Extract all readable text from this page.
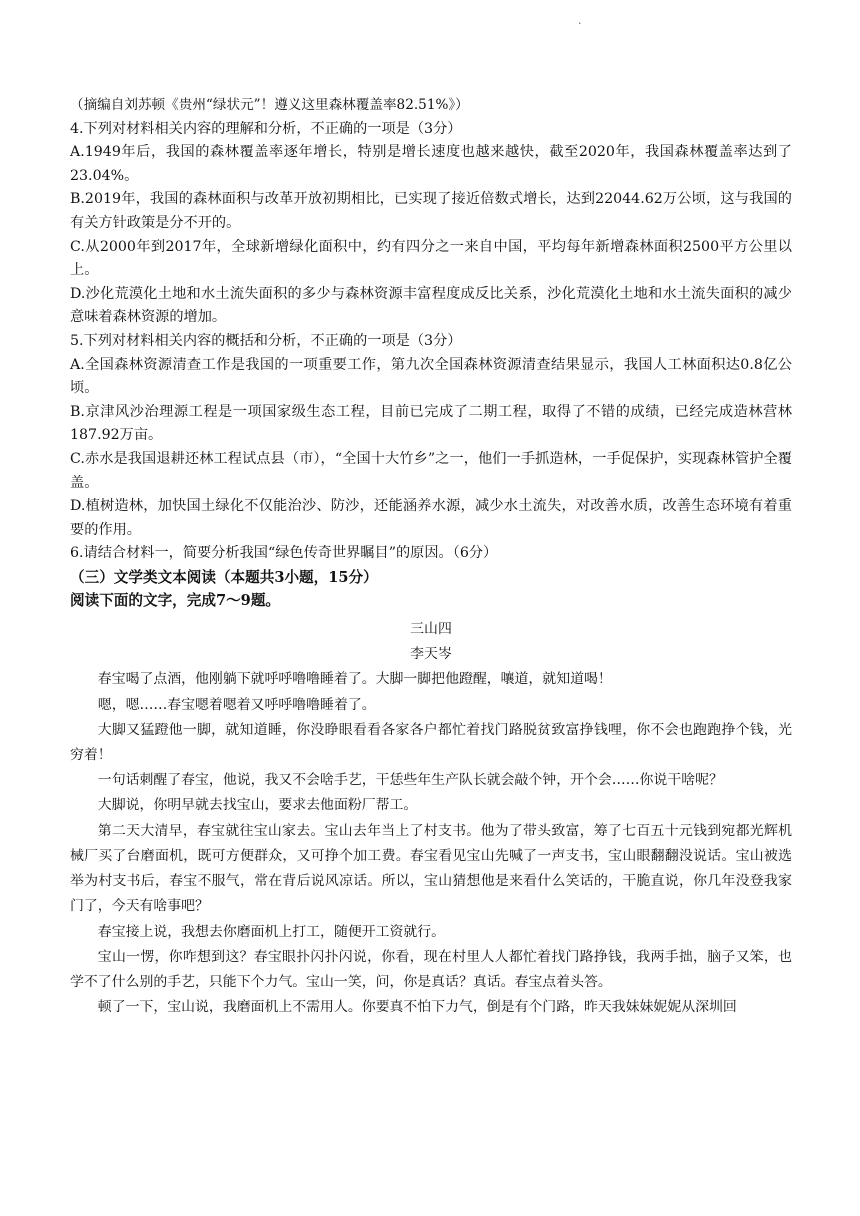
.

（摘编自刘苏顿《贵州“绿状元”！遵义这里森林覆盖率82.51%》）

4.下列对材料相关内容的理解和分析，不正确的一项是（3分）

A.1949年后，我国的森林覆盖率逐年增长，特别是增长速度也越来越快，截至2020年，我国森林覆盖率达到了23.04%。

B.2019年，我国的森林面积与改革开放初期相比，已实现了接近倍数式增长，达到22044.62万公顷，这与我国的有关方针政策是分不开的。

C.从2000年到2017年，全球新增绿化面积中，约有四分之一来自中国，平均每年新增森林面积2500平方公里以上。

D.沙化荒漠化土地和水土流失面积的多少与森林资源丰富程度成反比关系，沙化荒漠化土地和水土流失面积的减少意味着森林资源的增加。

5.下列对材料相关内容的概括和分析，不正确的一项是（3分）

A.全国森林资源清查工作是我国的一项重要工作，第九次全国森林资源清查结果显示，我国人工林面积达0.8亿公顷。

B.京津风沙治理源工程是一项国家级生态工程，目前已完成了二期工程，取得了不错的成绩，已经完成造林营林187.92万亩。

C.赤水是我国退耕还林工程试点县（市），“全国十大竹乡”之一，他们一手抓造林，一手促保护，实现森林管护全覆盖。

D.植树造林，加快国土绿化不仅能治沙、防沙，还能涵养水源，减少水土流失，对改善水质，改善生态环境有着重要的作用。

6.请结合材料一，简要分析我国“绿色传奇世界瞩目”的原因。（6分）

（三）文学类文本阅读（本题共3小题，15分）

阅读下面的文字，完成7～9题。

三山四

李天岑

春宝喝了点酒，他刚躺下就呼呼噜噜睡着了。大脚一脚把他蹬醒，嚷道，就知道喝！

嗯，嗯……春宝嗯着嗯着又呼呼噜噜睡着了。

大脚又猛蹬他一脚，就知道睡，你没睁眼看看各家各户都忙着找门路脱贫致富挣钱哩，你不会也跑跑挣个钱，光穷着！

一句话刺醒了春宝，他说，我又不会啥手艺，干恁些年生产队长就会敲个钟，开个会……你说干啥呢？

大脚说，你明早就去找宝山，要求去他面粉厂帮工。

第二天大清早，春宝就往宝山家去。宝山去年当上了村支书。他为了带头致富，筹了七百五十元钱到宛都光辉机械厂买了台磨面机，既可方便群众，又可挣个加工费。春宝看见宝山先喊了一声支书，宝山眼翻翻没说话。宝山被选举为村支书后，春宝不服气，常在背后说风凉话。所以，宝山猜想他是来看什么笑话的，干脆直说，你几年没登我家门了，今天有啥事吧？

春宝接上说，我想去你磨面机上打工，随便开工资就行。

宝山一愣，你咋想到这？春宝眼扑闪扑闪说，你看，现在村里人人都忙着找门路挣钱，我两手拙，脑子又笨，也学不了什么别的手艺，只能下个力气。宝山一笑，问，你是真话？真话。春宝点着头答。

顿了一下，宝山说，我磨面机上不需用人。你要真不怕下力气，倒是有个门路，昨天我妹妹妮妮从深圳回
